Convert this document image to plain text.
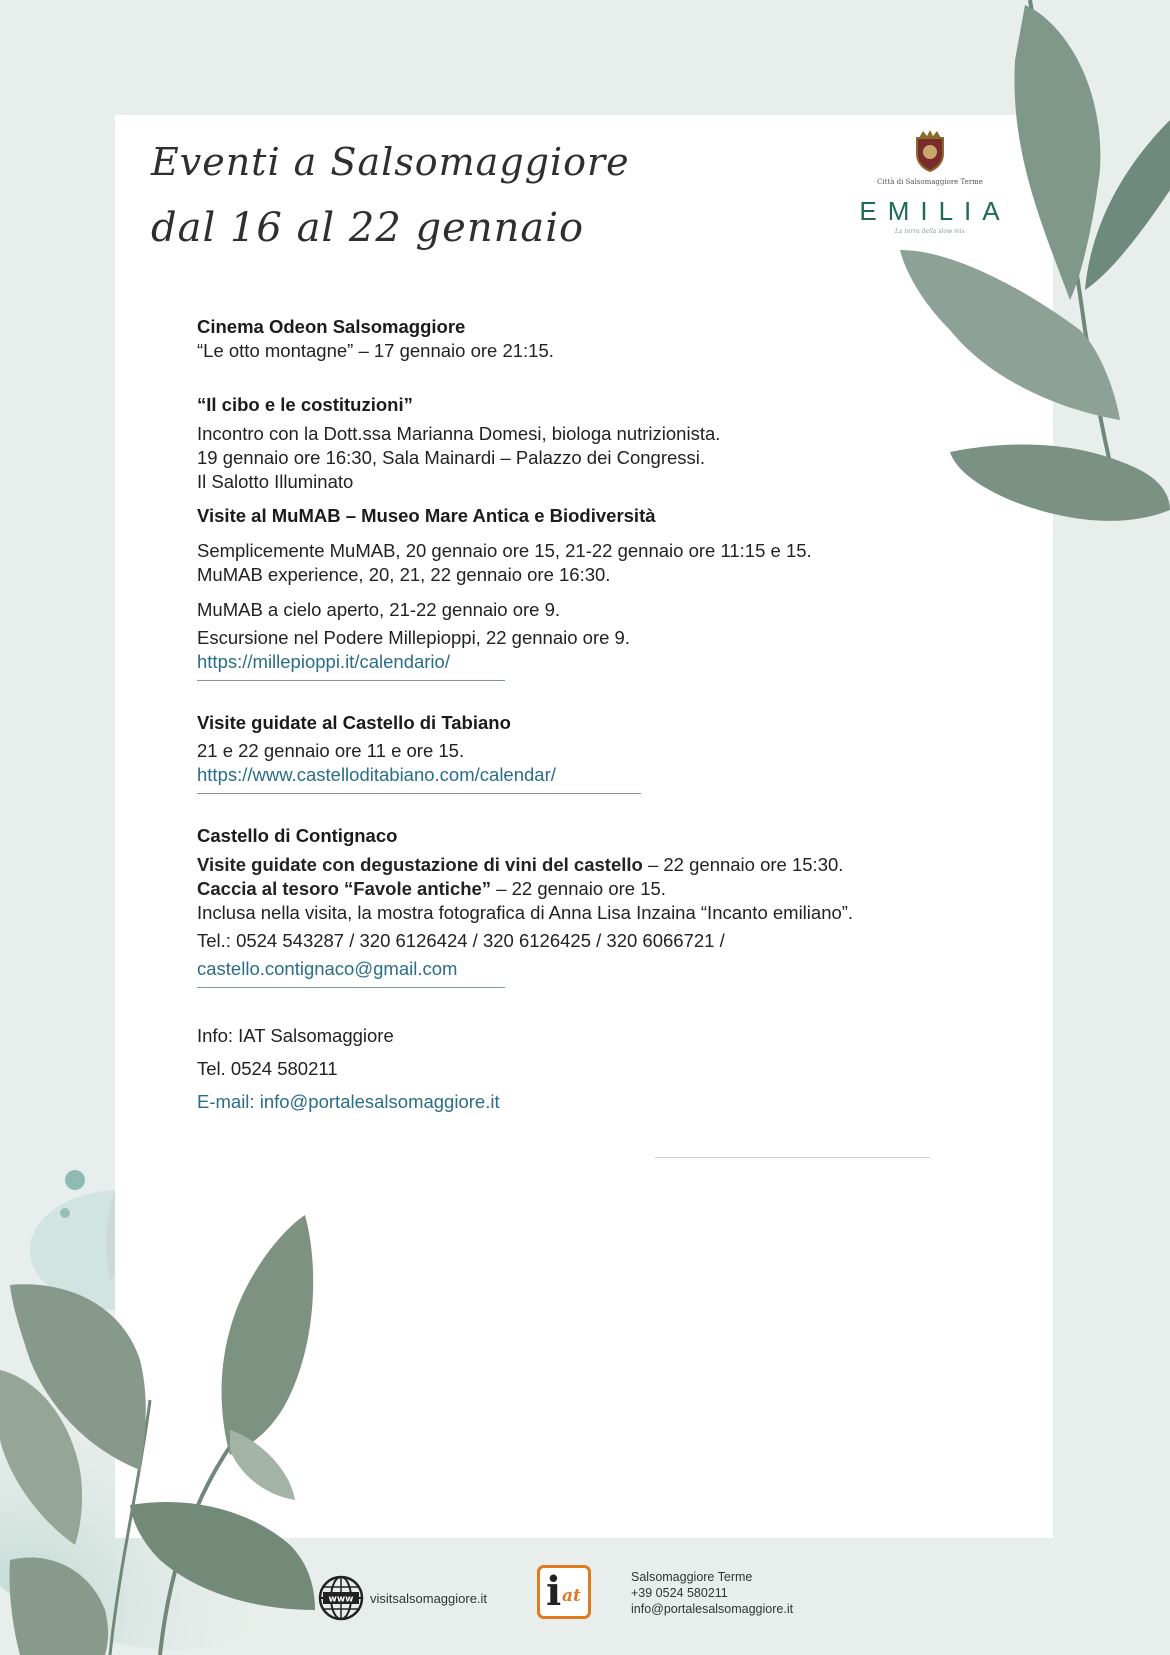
Eventi a Salsomaggiore
dal 16 al 22 gennaio
Città di Salsomaggiore Terme
EMILIA
La terra della slow mix

Cinema Odeon Salsomaggiore

“Le otto montagne” – 17 gennaio ore 21:15.

“Il cibo e le costituzioni”

Incontro con la Dott.ssa Marianna Domesi, biologa nutrizionista.

19 gennaio ore 16:30, Sala Mainardi – Palazzo dei Congressi.

Il Salotto Illuminato

Visite al MuMAB – Museo Mare Antica e Biodiversità

Semplicemente MuMAB, 20 gennaio ore 15, 21-22 gennaio ore 11:15 e 15.

MuMAB experience, 20, 21, 22 gennaio ore 16:30.

MuMAB a cielo aperto, 21-22 gennaio ore 9.

Escursione nel Podere Millepioppi, 22 gennaio ore 9.

https://millepioppi.it/calendario/

Visite guidate al Castello di Tabiano

21 e 22 gennaio ore 11 e ore 15.

https://www.castelloditabiano.com/calendar/

Castello di Contignaco

Visite guidate con degustazione di vini del castello – 22 gennaio ore 15:30.

Caccia al tesoro “Favole antiche” – 22 gennaio ore 15.

Inclusa nella visita, la mostra fotografica di Anna Lisa Inzaina “Incanto emiliano”.

Tel.: 0524 543287 / 320 6126424 / 320 6126425 / 320 6066721 /

castello.contignaco@gmail.com

Info: IAT Salsomaggiore

Tel. 0524 580211

E-mail: info@portalesalsomaggiore.it

www visitsalsomaggiore.it i at
Salsomaggiore Terme
+39 0524 580211
info@portalesalsomaggiore.it
